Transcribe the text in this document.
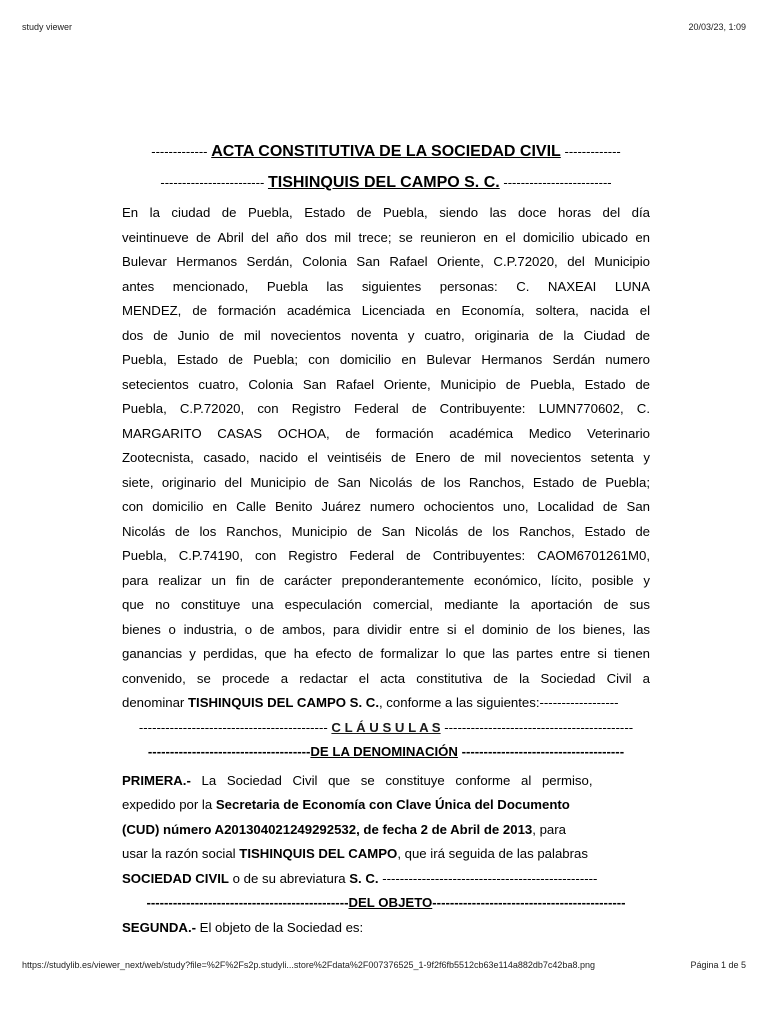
study viewer	20/03/23, 1:09
------------- ACTA CONSTITUTIVA DE LA SOCIEDAD CIVIL -------------
------------------------ TISHINQUIS DEL CAMPO S. C. -------------------------
En la ciudad de Puebla, Estado de Puebla, siendo las doce horas del día
veintinueve de Abril del año dos mil trece; se reunieron en el domicilio ubicado en
Bulevar Hermanos Serdán, Colonia San Rafael Oriente, C.P.72020, del Municipio
antes mencionado, Puebla las siguientes personas: C. NAXEAI LUNA
MENDEZ, de formación académica Licenciada en Economía, soltera, nacida el
dos de Junio de mil novecientos noventa y cuatro, originaria de la Ciudad de
Puebla, Estado de Puebla; con domicilio en Bulevar Hermanos Serdán numero
setecientos cuatro, Colonia San Rafael Oriente, Municipio de Puebla, Estado de
Puebla, C.P.72020, con Registro Federal de Contribuyente: LUMN770602, C.
MARGARITO CASAS OCHOA, de formación académica Medico Veterinario
Zootecnista, casado, nacido el veintiséis de Enero de mil novecientos setenta y
siete, originario del Municipio de San Nicolás de los Ranchos, Estado de Puebla;
con domicilio en Calle Benito Juárez numero ochocientos uno, Localidad de San
Nicolás de los Ranchos, Municipio de San Nicolás de los Ranchos, Estado de
Puebla, C.P.74190, con Registro Federal de Contribuyentes: CAOM6701261M0,
para realizar un fin de carácter preponderantemente económico, lícito, posible y
que no constituye una especulación comercial, mediante la aportación de sus
bienes o industria, o de ambos, para dividir entre si el dominio de los bienes, las
ganancias y perdidas, que ha efecto de formalizar lo que las partes entre si tienen
convenido, se procede a redactar el acta constitutiva de la Sociedad Civil a
denominar TISHINQUIS DEL CAMPO S. C., conforme a las siguientes:------------------
------------------------------------------- C L Á U S U L A S -------------------------------------------
-------------------------------------DE LA DENOMINACIÓN -------------------------------------
PRIMERA.- La Sociedad Civil que se constituye conforme al permiso,
expedido por la Secretaria de Economía con Clave Única del Documento
(CUD) número A201304021249292532, de fecha 2 de Abril de 2013, para
usar la razón social TISHINQUIS DEL CAMPO, que irá seguida de las palabras
SOCIEDAD CIVIL o de su abreviatura S. C. -------------------------------------------------
----------------------------------------------DEL OBJETO--------------------------------------------
SEGUNDA.- El objeto de la Sociedad es:
https://studylib.es/viewer_next/web/study?file=%2F%2Fs2p.studyli...store%2Fdata%2F007376525_1-9f2f6fb5512cb63e114a882db7c42ba8.png	Página 1 de 5
